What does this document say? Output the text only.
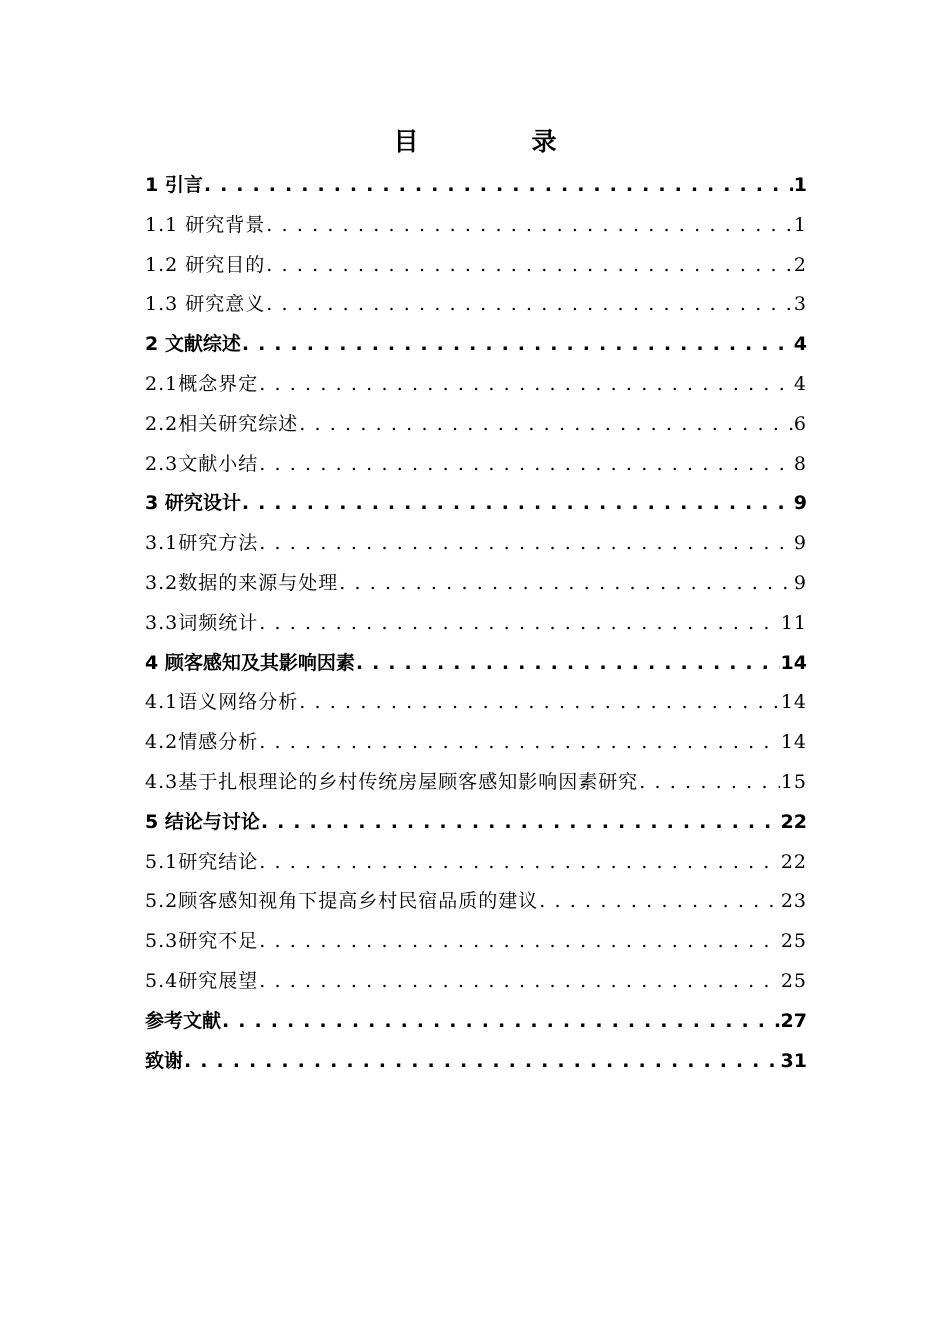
目　录
1 引言 . . .	1
1.1 研究背景 . . .	1
1.2 研究目的 . . .	2
1.3 研究意义 . . .	3
2 文献综述 . . .	4
2.1概念界定 . . .	4
2.2相关研究综述 . . .	6
2.3文献小结 . . .	8
3 研究设计 . . .	9
3.1研究方法 . . .	9
3.2数据的来源与处理 . . .	9
3.3词频统计 . . .	11
4 顾客感知及其影响因素 . . .	14
4.1语义网络分析 . . .	14
4.2情感分析 . . .	14
4.3基于扎根理论的乡村传统房屋顾客感知影响因素研究 . . .	15
5 结论与讨论 . . .	22
5.1研究结论 . . .	22
5.2顾客感知视角下提高乡村民宿品质的建议 . . .	23
5.3研究不足 . . .	25
5.4研究展望 . . .	25
参考文献 . . .	27
致谢 . . .	31
